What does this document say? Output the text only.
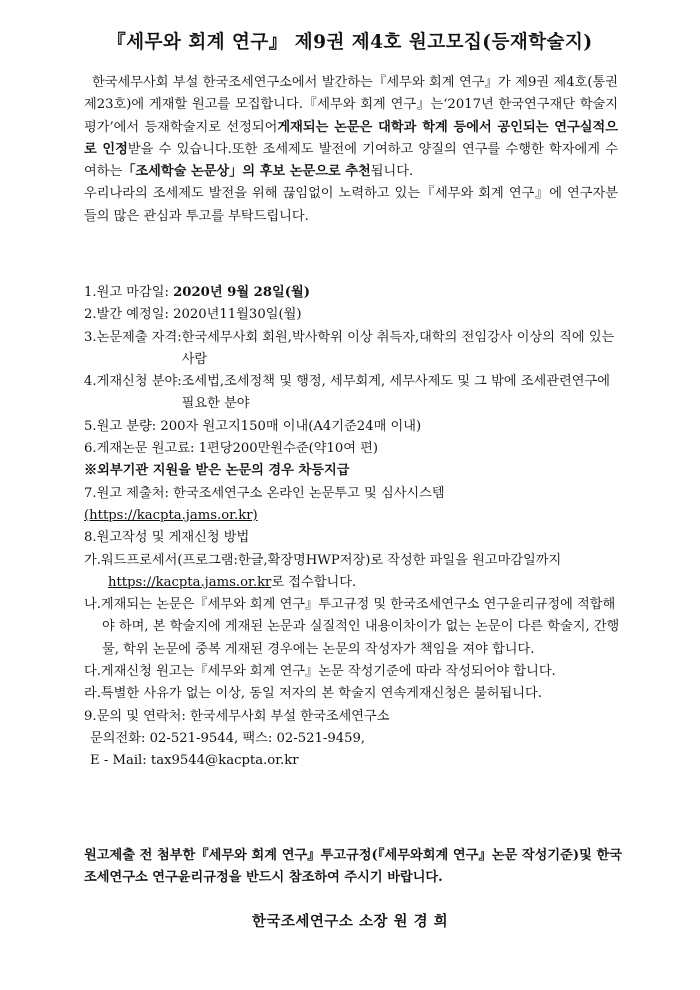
『세무와 회계 연구』 제9권 제4호 원고모집(등재학술지)

한국세무사회 부설 한국조세연구소에서 발간하는『세무와 회계 연구』가 제9권 제4호(통권 제23호)에 게재할 원고를 모집합니다.『세무와 회계 연구』는‘2017년 한국연구재단 학술지평가’에서 등재학술지로 선정되어게재되는 논문은 대학과 학계 등에서 공인되는 연구실적으로 인정받을 수 있습니다.또한 조세제도 발전에 기여하고 양질의 연구를 수행한 학자에게 수여하는「조세학술 논문상」의 후보 논문으로 추천됩니다.

우리나라의 조세제도 발전을 위해 끊임없이 노력하고 있는『세무와 회계 연구』에 연구자분들의 많은 관심과 투고를 부탁드립니다.

1.원고 마감일: 2020년 9월 28일(월)
2.발간 예정일: 2020년11월30일(월)
3.논문제출 자격: 한국세무사회 회원,박사학위 이상 취득자,대학의 전임강사 이상의 직에 있는 사람
4.게재신청 분야: 조세법,조세정책 및 행정, 세무회계, 세무사제도 및 그 밖에 조세관련연구에 필요한 분야
5.원고 분량: 200자 원고지150매 이내(A4기준24매 이내)
6.게재논문 원고료: 1편당200만원수준(약10여 편)
※외부기관 지원을 받은 논문의 경우 차등지급
7.원고 제출처: 한국조세연구소 온라인 논문투고 및 심사시스템
(https://kacpta.jams.or.kr)
8.원고작성 및 게재신청 방법
가.워드프로세서(프로그램:한글,확장명HWP저장)로 작성한 파일을 원고마감일까지
https://kacpta.jams.or.kr로 접수합니다.
나.게재되는 논문은『세무와 회계 연구』투고규정 및 한국조세연구소 연구윤리규정에 적합해야 하며, 본 학술지에 게재된 논문과 실질적인 내용이차이가 없는 논문이 다른 학술지, 간행물, 학위 논문에 중복 게재된 경우에는 논문의 작성자가 책임을 져야 합니다.
다.게재신청 원고는『세무와 회계 연구』논문 작성기준에 따라 작성되어야 합니다.
라.특별한 사유가 없는 이상, 동일 저자의 본 학술지 연속게재신청은 불허됩니다.
9.문의 및 연락처: 한국세무사회 부설 한국조세연구소
문의전화: 02-521-9544, 팩스: 02-521-9459,
E - Mail: tax9544@kacpta.or.kr
원고제출 전 첨부한『세무와 회계 연구』투고규정(『세무와회계 연구』논문 작성기준)및 한국조세연구소 연구윤리규정을 반드시 참조하여 주시기 바랍니다.
한국조세연구소 소장 원 경 희
